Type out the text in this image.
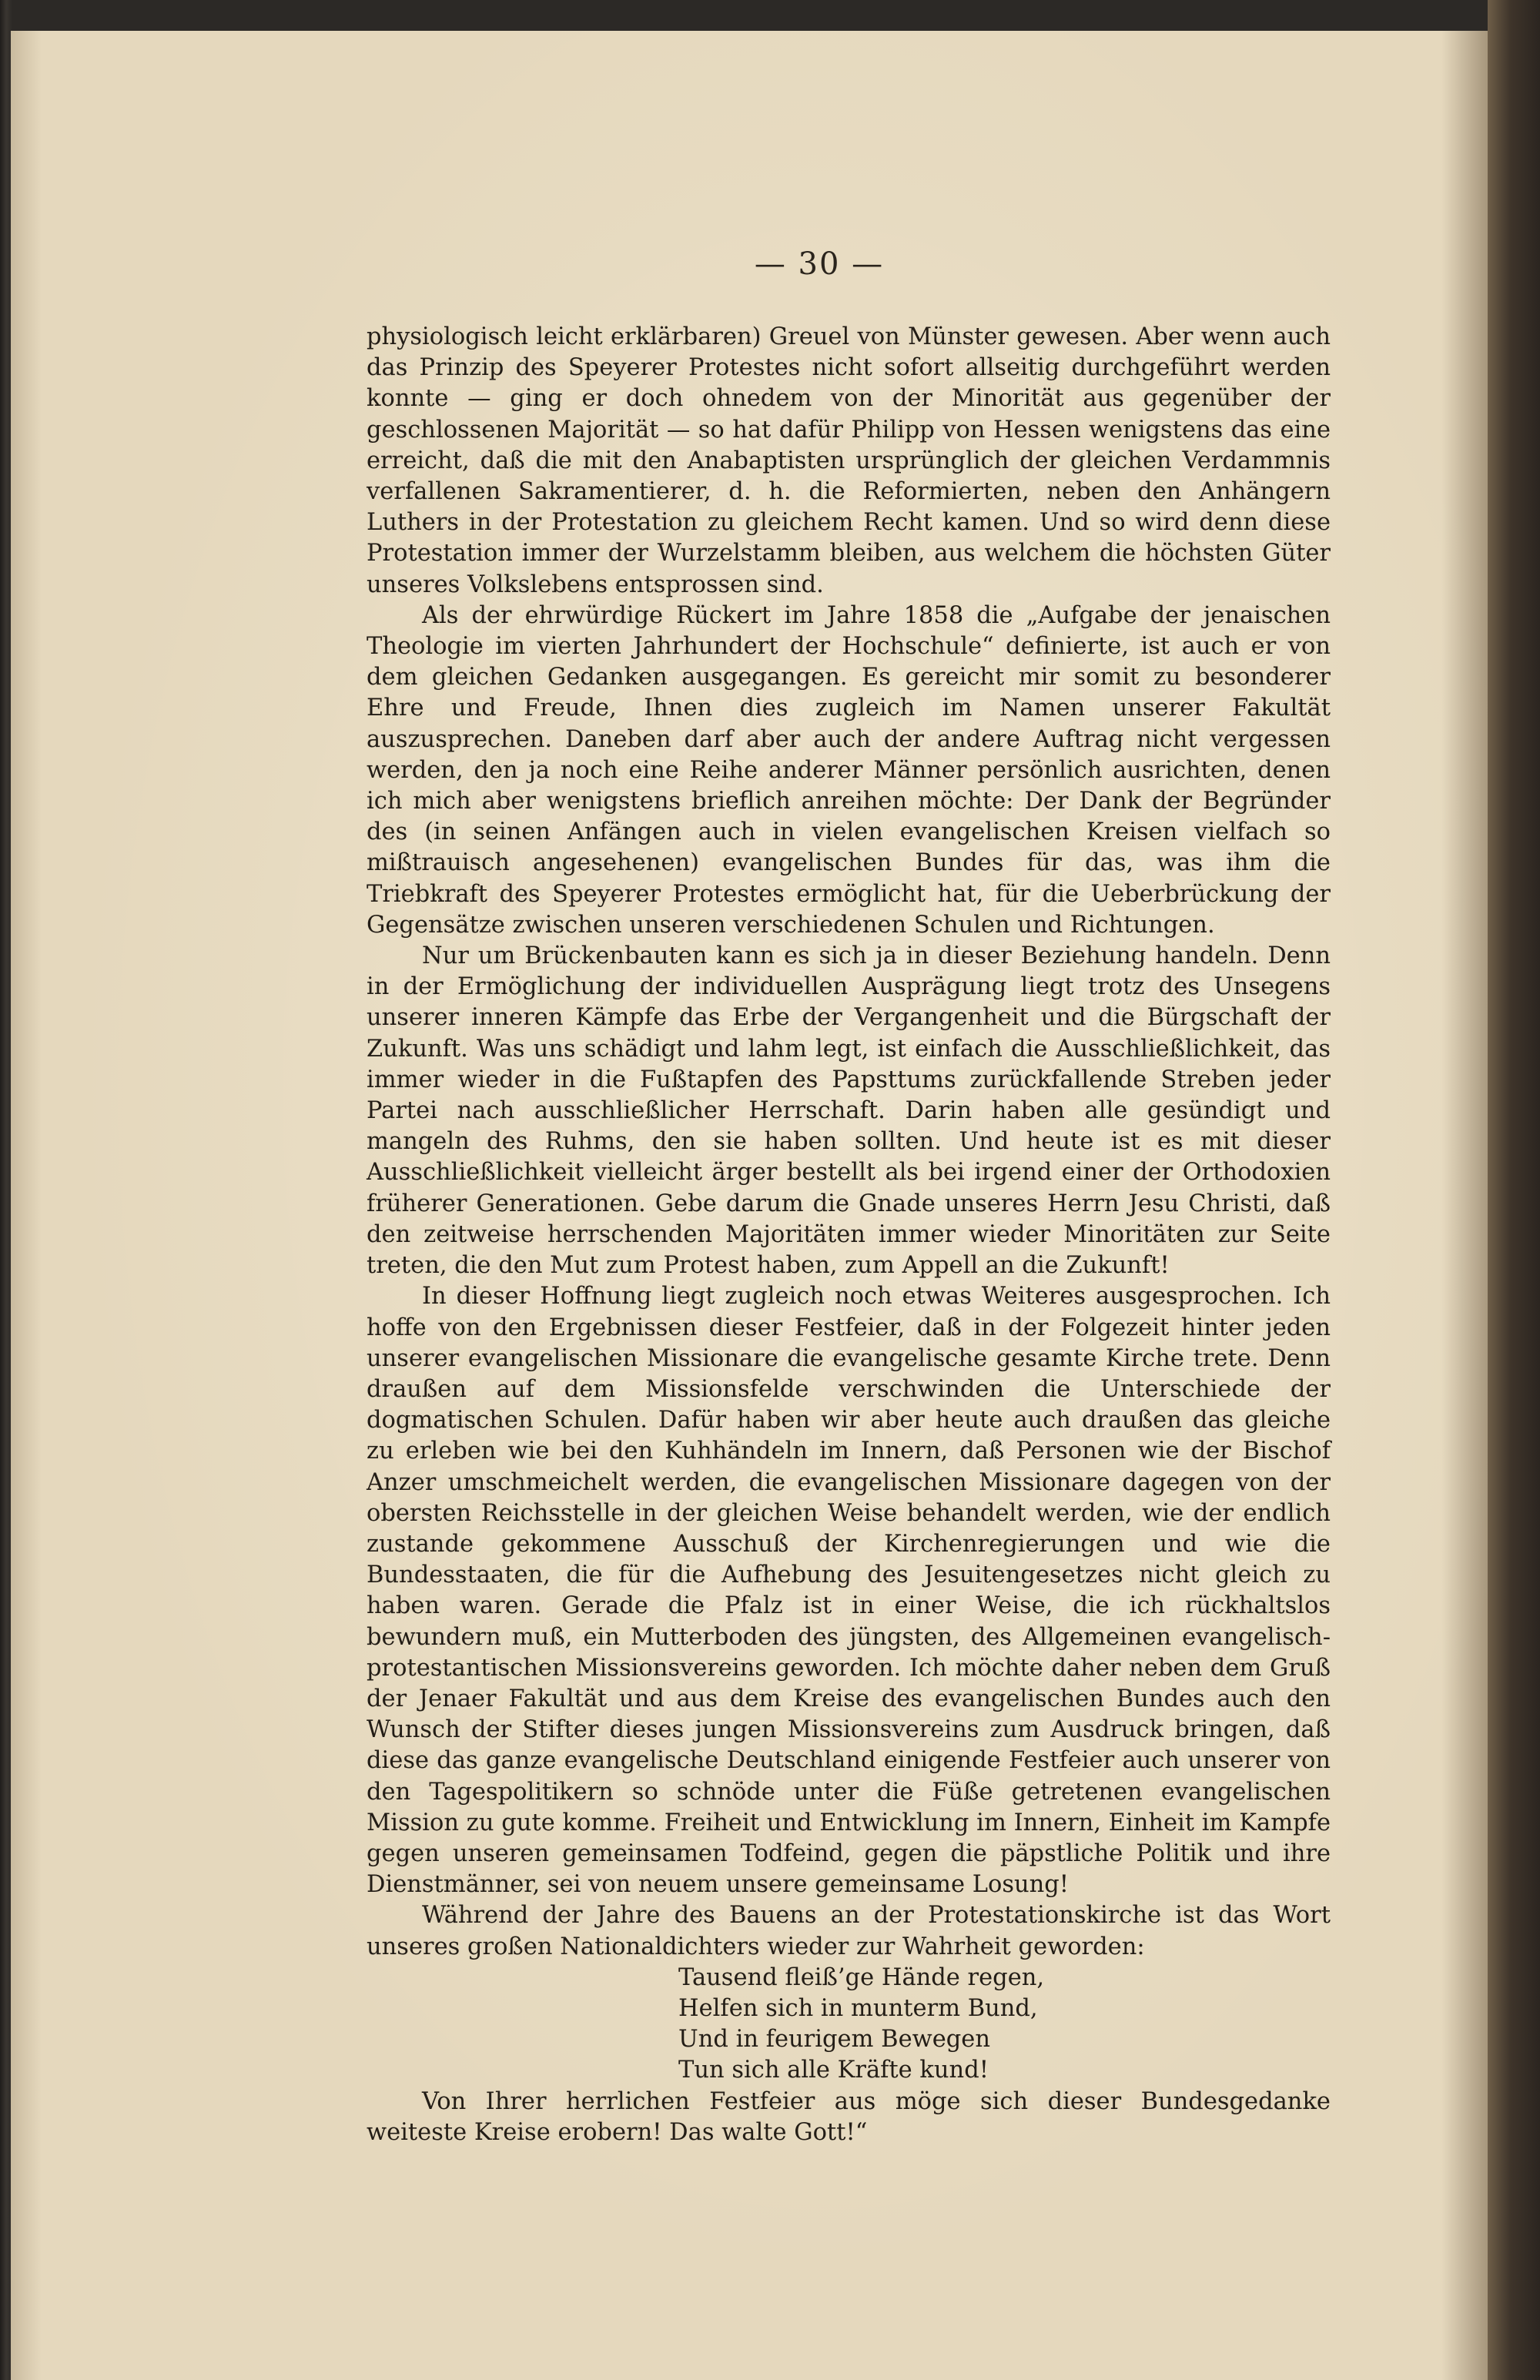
— 30 —

physiologisch leicht erklärbaren) Greuel von Münster gewesen. Aber wenn auch das Prinzip des Speyerer Protestes nicht sofort allseitig durchgeführt werden konnte — ging er doch ohnedem von der Minorität aus gegenüber der geschlossenen Majorität — so hat dafür Philipp von Hessen wenigstens das eine erreicht, daß die mit den Anabaptisten ursprünglich der gleichen Verdammnis verfallenen Sakramentierer, d. h. die Reformierten, neben den Anhängern Luthers in der Protestation zu gleichem Recht kamen. Und so wird denn diese Protestation immer der Wurzelstamm bleiben, aus welchem die höchsten Güter unseres Volkslebens entsprossen sind.

Als der ehrwürdige Rückert im Jahre 1858 die „Aufgabe der jenaischen Theologie im vierten Jahrhundert der Hochschule“ definierte, ist auch er von dem gleichen Gedanken ausgegangen. Es gereicht mir somit zu besonderer Ehre und Freude, Ihnen dies zugleich im Namen unserer Fakultät auszusprechen. Daneben darf aber auch der andere Auftrag nicht vergessen werden, den ja noch eine Reihe anderer Männer persönlich ausrichten, denen ich mich aber wenigstens brieflich anreihen möchte: Der Dank der Begründer des (in seinen Anfängen auch in vielen evangelischen Kreisen vielfach so mißtrauisch angesehenen) evangelischen Bundes für das, was ihm die Triebkraft des Speyerer Protestes ermöglicht hat, für die Ueberbrückung der Gegensätze zwischen unseren verschiedenen Schulen und Richtungen.

Nur um Brückenbauten kann es sich ja in dieser Beziehung handeln. Denn in der Ermöglichung der individuellen Ausprägung liegt trotz des Unsegens unserer inneren Kämpfe das Erbe der Vergangenheit und die Bürgschaft der Zukunft. Was uns schädigt und lahm legt, ist einfach die Ausschließlichkeit, das immer wieder in die Fußtapfen des Papsttums zurückfallende Streben jeder Partei nach ausschließlicher Herrschaft. Darin haben alle gesündigt und mangeln des Ruhms, den sie haben sollten. Und heute ist es mit dieser Ausschließlichkeit vielleicht ärger bestellt als bei irgend einer der Orthodoxien früherer Generationen. Gebe darum die Gnade unseres Herrn Jesu Christi, daß den zeitweise herrschenden Majoritäten immer wieder Minoritäten zur Seite treten, die den Mut zum Protest haben, zum Appell an die Zukunft!

In dieser Hoffnung liegt zugleich noch etwas Weiteres ausgesprochen. Ich hoffe von den Ergebnissen dieser Festfeier, daß in der Folgezeit hinter jeden unserer evangelischen Missionare die evangelische gesamte Kirche trete. Denn draußen auf dem Missionsfelde verschwinden die Unterschiede der dogmatischen Schulen. Dafür haben wir aber heute auch draußen das gleiche zu erleben wie bei den Kuhhändeln im Innern, daß Personen wie der Bischof Anzer umschmeichelt werden, die evangelischen Missionare dagegen von der obersten Reichsstelle in der gleichen Weise behandelt werden, wie der endlich zustande gekommene Ausschuß der Kirchenregierungen und wie die Bundesstaaten, die für die Aufhebung des Jesuitengesetzes nicht gleich zu haben waren. Gerade die Pfalz ist in einer Weise, die ich rückhaltslos bewundern muß, ein Mutterboden des jüngsten, des Allgemeinen evangelisch-protestantischen Missionsvereins geworden. Ich möchte daher neben dem Gruß der Jenaer Fakultät und aus dem Kreise des evangelischen Bundes auch den Wunsch der Stifter dieses jungen Missionsvereins zum Ausdruck bringen, daß diese das ganze evangelische Deutschland einigende Festfeier auch unserer von den Tagespolitikern so schnöde unter die Füße getretenen evangelischen Mission zu gute komme. Freiheit und Entwicklung im Innern, Einheit im Kampfe gegen unseren gemeinsamen Todfeind, gegen die päpstliche Politik und ihre Dienstmänner, sei von neuem unsere gemeinsame Losung!

Während der Jahre des Bauens an der Protestationskirche ist das Wort unseres großen Nationaldichters wieder zur Wahrheit geworden:

Tausend fleiß’ge Hände regen,
Helfen sich in munterm Bund,
Und in feurigem Bewegen
Tun sich alle Kräfte kund!

Von Ihrer herrlichen Festfeier aus möge sich dieser Bundesgedanke weiteste Kreise erobern! Das walte Gott!“
